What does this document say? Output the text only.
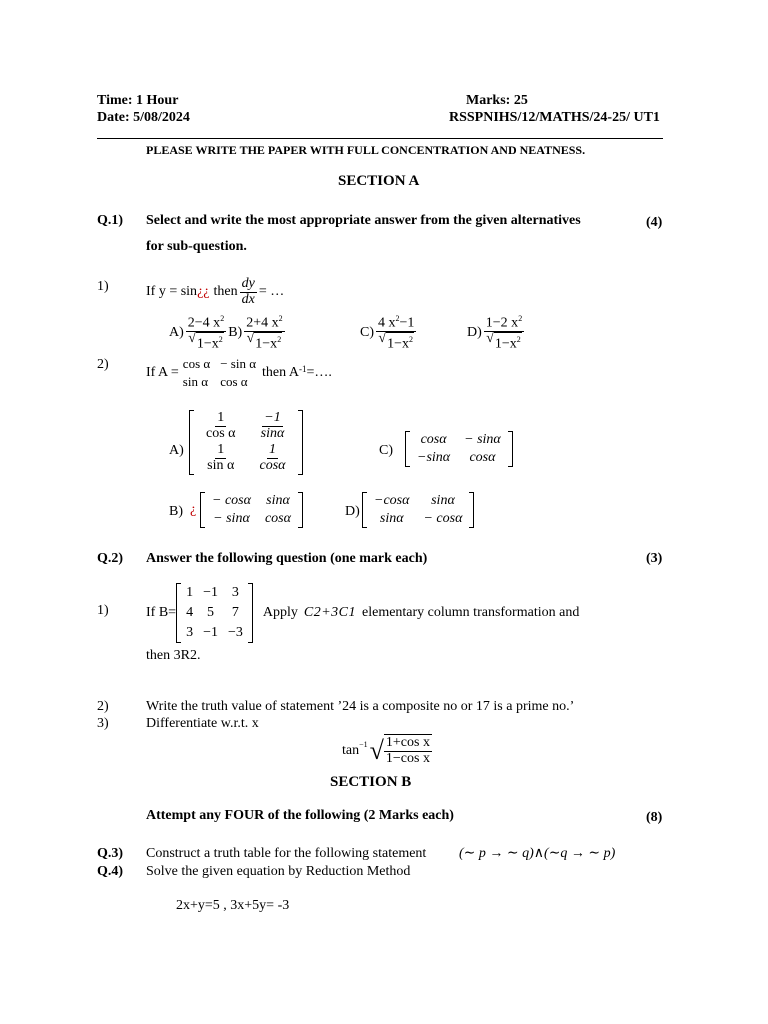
Time: 1 Hour	Marks: 25
Date: 5/08/2024	RSSPNIHS/12/MATHS/24-25/ UT1
PLEASE WRITE THE PAPER WITH FULL CONCENTRATION AND NEATNESS.
SECTION A
Q.1) Select and write the most appropriate answer from the given alternatives
for sub-question.
(4)
1)	If y = sin ¿¿ then $\frac{dy}{dx}$ = …
$A) \frac{2-4 x^2}{√ 1-x^2} B) \frac{2+4 x^2}{√ 1-x^2}$	$C) \frac{4 x^2-1}{√ 1-x^2}$	$D) \frac{1-2 x^2}{√ 1-x^2}$
2)
If A =
cos α − sin α
sin α cos α
then $A^{-1}$ =….
A)
$\frac{1}{\text{cos α}}$	$\frac{-1}{\sin\alpha}$

$\frac{1}{\text{sin α}}$	$\frac{1}{\cos\alpha}$	C)
cosα	− sinα
−sinα	cosα
B) ¿
− cosα	sinα
− sinα	cosα	D)
−cosα	sinα
sinα	− cosα
Q.2) Answer the following question (one mark each)	(3)
1)	If B=
1	−1	3
4	5	7
3	−1	−3
Apply C2+3C1 elementary column transformation and
then 3R2.
2)	Write the truth value of statement ’24 is a composite no or 17 is a prime no.’
3)	Differentiate w.r.t. x
$\tan^{-1}$ √ $\frac{\text{1+cos x}}{\text{1−cos x}}$
SECTION B
Attempt any FOUR of the following (2 Marks each)	(8)
Q.3) Construct a truth table for the following statement (∼ p → ∼ q)∧(∼q → ∼ p)
Q.4) Solve the given equation by Reduction Method
2x+y=5 , 3x+5y= -3
